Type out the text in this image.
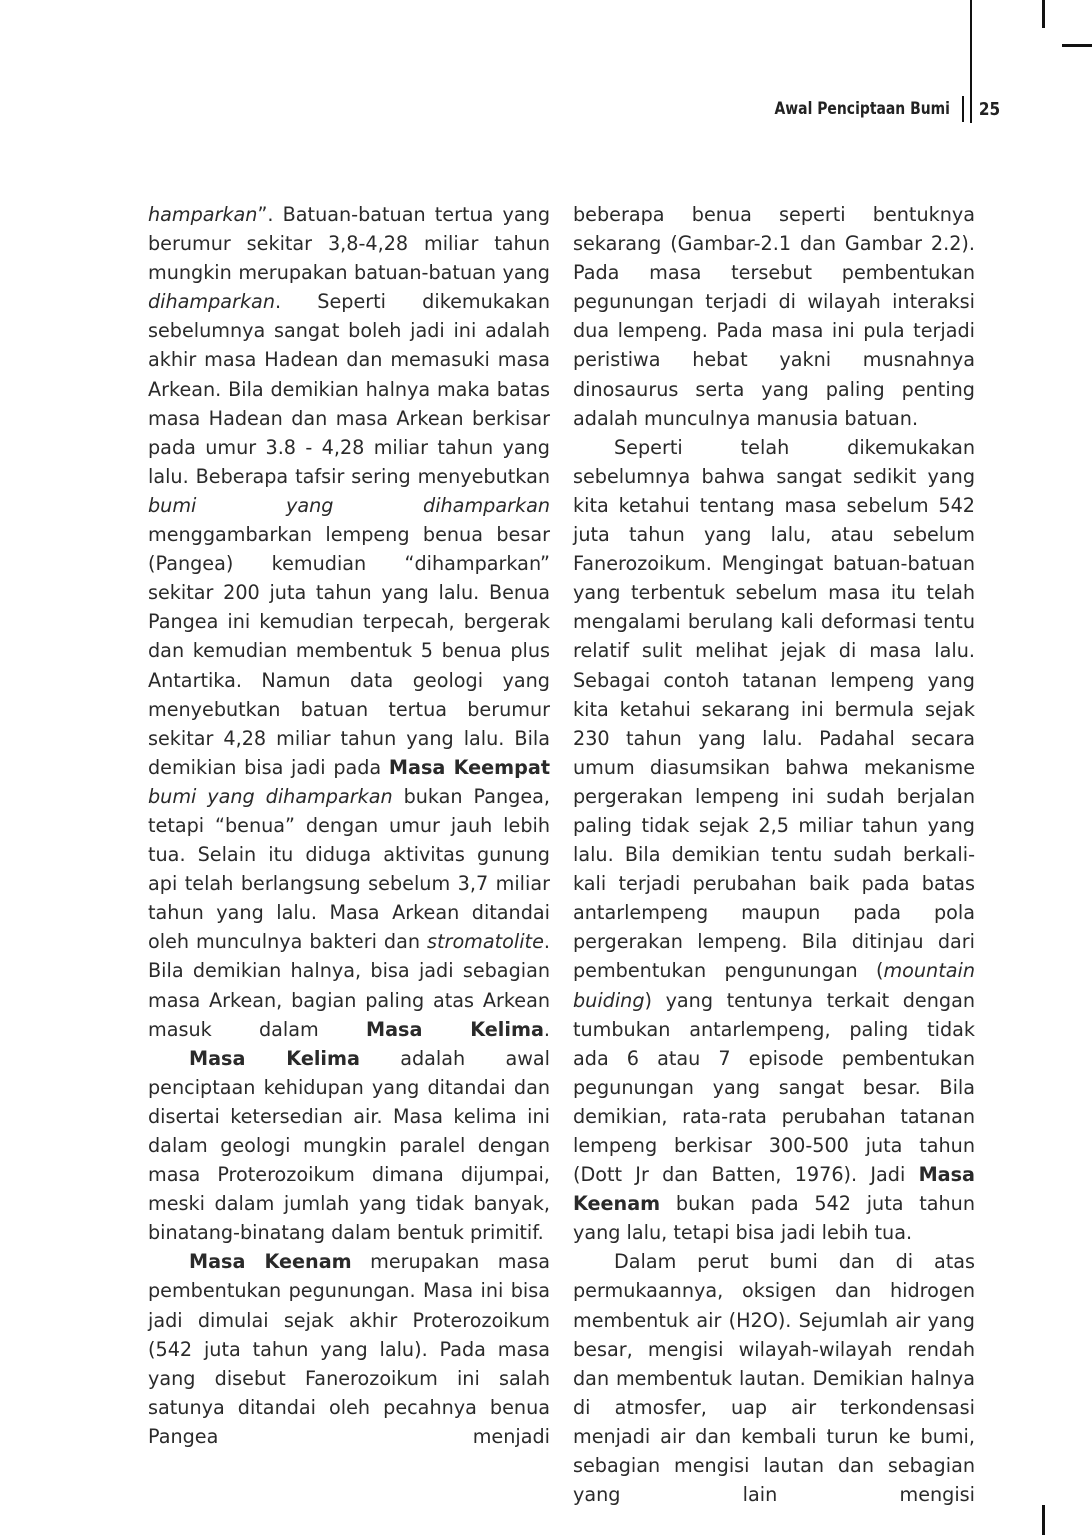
Awal Penciptaan Bumi 25

hamparkan”. Batuan-batuan tertua yang berumur sekitar 3,8-4,28 miliar tahun mungkin merupakan batuan-batuan yang dihamparkan. Seperti dikemukakan sebelumnya sangat boleh jadi ini adalah akhir masa Hadean dan memasuki masa Arkean. Bila demikian halnya maka batas masa Hadean dan masa Arkean berkisar pada umur 3.8 - 4,28 miliar tahun yang lalu. Beberapa tafsir sering menyebutkan bumi yang dihamparkan menggambarkan lempeng benua besar (Pangea) kemudian “dihamparkan” sekitar 200 juta tahun yang lalu. Benua Pangea ini kemudian terpecah, bergerak dan kemudian membentuk 5 benua plus Antartika. Namun data geologi yang menyebutkan batuan tertua berumur sekitar 4,28 miliar tahun yang lalu. Bila demikian bisa jadi pada Masa Keempat bumi yang dihamparkan bukan Pangea, tetapi “benua” dengan umur jauh lebih tua. Selain itu diduga aktivitas gunung api telah berlangsung sebelum 3,7 miliar tahun yang lalu. Masa Arkean ditandai oleh munculnya bakteri dan stromatolite. Bila demikian halnya, bisa jadi sebagian masa Arkean, bagian paling atas Arkean masuk dalam Masa Kelima.

Masa Kelima adalah awal penciptaan kehidupan yang ditandai dan disertai ketersedian air. Masa kelima ini dalam geologi mungkin paralel dengan masa Proterozoikum dimana dijumpai, meski dalam jumlah yang tidak banyak, binatang-binatang dalam bentuk primitif.

Masa Keenam merupakan masa pembentukan pegunungan. Masa ini bisa jadi dimulai sejak akhir Proterozoikum (542 juta tahun yang lalu). Pada masa yang disebut Fanerozoikum ini salah satunya ditandai oleh pecahnya benua Pangea menjadi

beberapa benua seperti bentuknya sekarang (Gambar-2.1 dan Gambar 2.2). Pada masa tersebut pembentukan pegunungan terjadi di wilayah interaksi dua lempeng. Pada masa ini pula terjadi peristiwa hebat yakni musnahnya dinosaurus serta yang paling penting adalah munculnya manusia batuan.

Seperti telah dikemukakan sebelumnya bahwa sangat sedikit yang kita ketahui tentang masa sebelum 542 juta tahun yang lalu, atau sebelum Fanerozoikum. Mengingat batuan-batuan yang terbentuk sebelum masa itu telah mengalami berulang kali deformasi tentu relatif sulit melihat jejak di masa lalu. Sebagai contoh tatanan lempeng yang kita ketahui sekarang ini bermula sejak 230 tahun yang lalu. Padahal secara umum diasumsikan bahwa mekanisme pergerakan lempeng ini sudah berjalan paling tidak sejak 2,5 miliar tahun yang lalu. Bila demikian tentu sudah berkali-kali terjadi perubahan baik pada batas antarlempeng maupun pada pola pergerakan lempeng. Bila ditinjau dari pembentukan pengunungan (mountain buiding) yang tentunya terkait dengan tumbukan antarlempeng, paling tidak ada 6 atau 7 episode pembentukan pegunungan yang sangat besar. Bila demikian, rata-rata perubahan tatanan lempeng berkisar 300-500 juta tahun (Dott Jr dan Batten, 1976). Jadi Masa Keenam bukan pada 542 juta tahun yang lalu, tetapi bisa jadi lebih tua.

Dalam perut bumi dan di atas permukaannya, oksigen dan hidrogen membentuk air (H2O). Sejumlah air yang besar, mengisi wilayah-wilayah rendah dan membentuk lautan. Demikian halnya di atmosfer, uap air terkondensasi menjadi air dan kembali turun ke bumi, sebagian mengisi lautan dan sebagian yang lain mengisi
